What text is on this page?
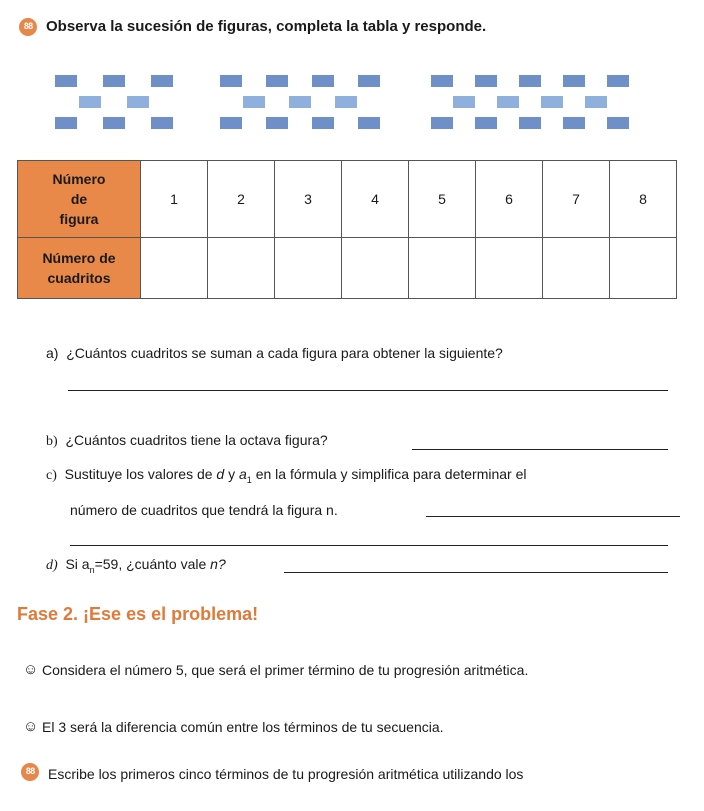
88 Observa la sucesión de figuras, completa la tabla y responde.
Número
de
figura	1	2	3	4	5	6	7	8
Número de
cuadritos								
a) ¿Cuántos cuadritos se suman a cada figura para obtener la siguiente?
b) ¿Cuántos cuadritos tiene la octava figura?
c) Sustituye los valores de d y $a_1$ en la fórmula y simplifica para determinar el
número de cuadritos que tendrá la figura n.
d) Si $a_n=59$, ¿cuánto vale n?
Fase 2. ¡Ese es el problema!
☺ Considera el número 5, que será el primer término de tu progresión aritmética.
☺ El 3 será la diferencia común entre los términos de tu secuencia.
88 Escribe los primeros cinco términos de tu progresión aritmética utilizando los
